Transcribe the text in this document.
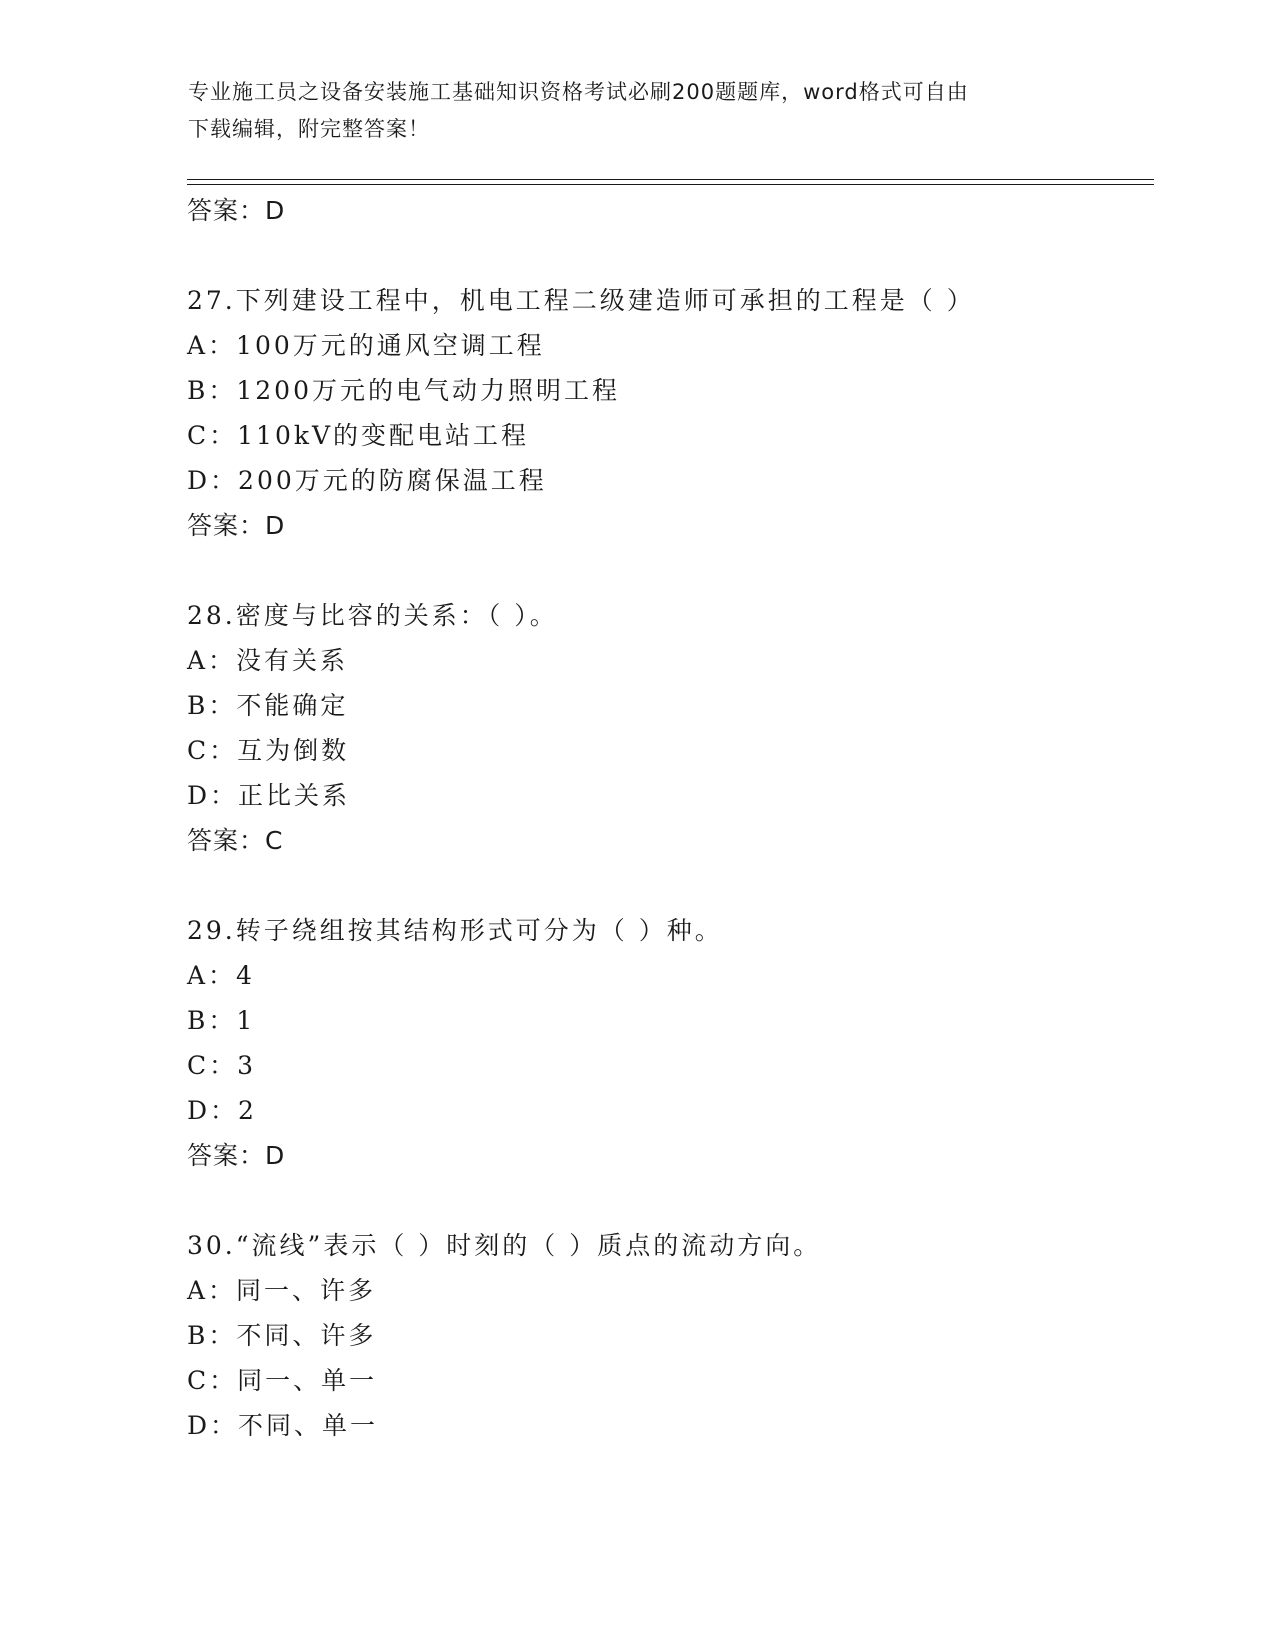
专业施工员之设备安装施工基础知识资格考试必刷200题题库，word格式可自由
下载编辑，附完整答案！
答案：D
27.下列建设工程中，机电工程二级建造师可承担的工程是（ ）
A：100万元的通风空调工程
B：1200万元的电气动力照明工程
C：110kV的变配电站工程
D：200万元的防腐保温工程
答案：D
28.密度与比容的关系：（ ）。
A：没有关系
B：不能确定
C：互为倒数
D：正比关系
答案：C
29.转子绕组按其结构形式可分为（ ）种。
A：4
B：1
C：3
D：2
答案：D
30.“流线”表示（ ）时刻的（ ）质点的流动方向。
A：同一、许多
B：不同、许多
C：同一、单一
D：不同、单一
